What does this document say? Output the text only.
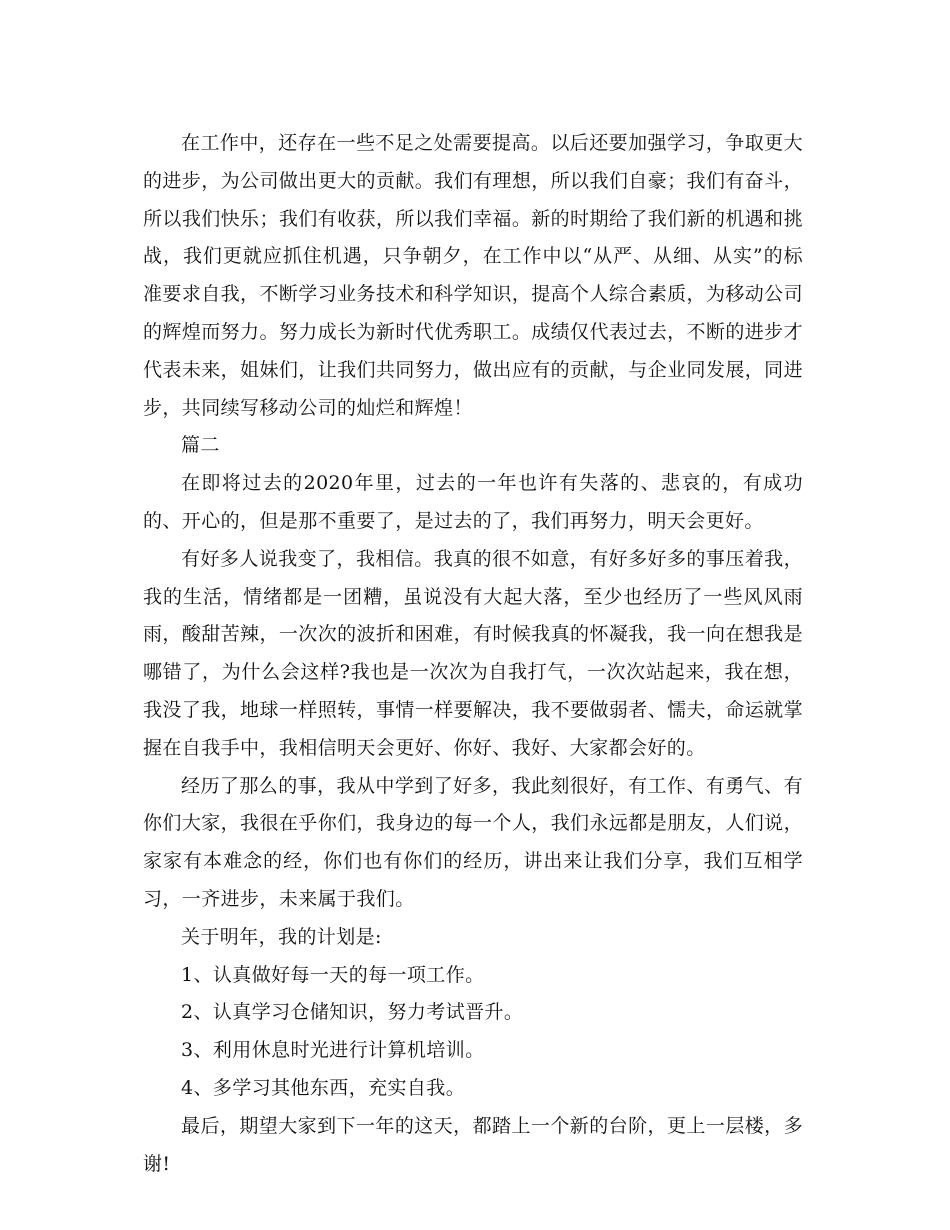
在工作中，还存在一些不足之处需要提高。以后还要加强学习，争取更大的进步，为公司做出更大的贡献。我们有理想，所以我们自豪；我们有奋斗，所以我们快乐；我们有收获，所以我们幸福。新的时期给了我们新的机遇和挑战，我们更就应抓住机遇，只争朝夕，在工作中以“从严、从细、从实”的标准要求自我，不断学习业务技术和科学知识，提高个人综合素质，为移动公司的辉煌而努力。努力成长为新时代优秀职工。成绩仅代表过去，不断的进步才代表未来，姐妹们，让我们共同努力，做出应有的贡献，与企业同发展，同进步，共同续写移动公司的灿烂和辉煌！

篇二

在即将过去的2020年里，过去的一年也许有失落的、悲哀的，有成功的、开心的，但是那不重要了，是过去的了，我们再努力，明天会更好。

有好多人说我变了，我相信。我真的很不如意，有好多好多的事压着我，我的生活，情绪都是一团糟，虽说没有大起大落，至少也经历了一些风风雨雨，酸甜苦辣，一次次的波折和困难，有时候我真的怀凝我，我一向在想我是哪错了，为什么会这样?我也是一次次为自我打气，一次次站起来，我在想，我没了我，地球一样照转，事情一样要解决，我不要做弱者、懦夫，命运就掌握在自我手中，我相信明天会更好、你好、我好、大家都会好的。

经历了那么的事，我从中学到了好多，我此刻很好，有工作、有勇气、有你们大家，我很在乎你们，我身边的每一个人，我们永远都是朋友，人们说，家家有本难念的经，你们也有你们的经历，讲出来让我们分享，我们互相学习，一齐进步，未来属于我们。

关于明年，我的计划是:

1、认真做好每一天的每一项工作。

2、认真学习仓储知识，努力考试晋升。

3、利用休息时光进行计算机培训。

4、多学习其他东西，充实自我。

最后，期望大家到下一年的这天，都踏上一个新的台阶，更上一层楼，多谢!
